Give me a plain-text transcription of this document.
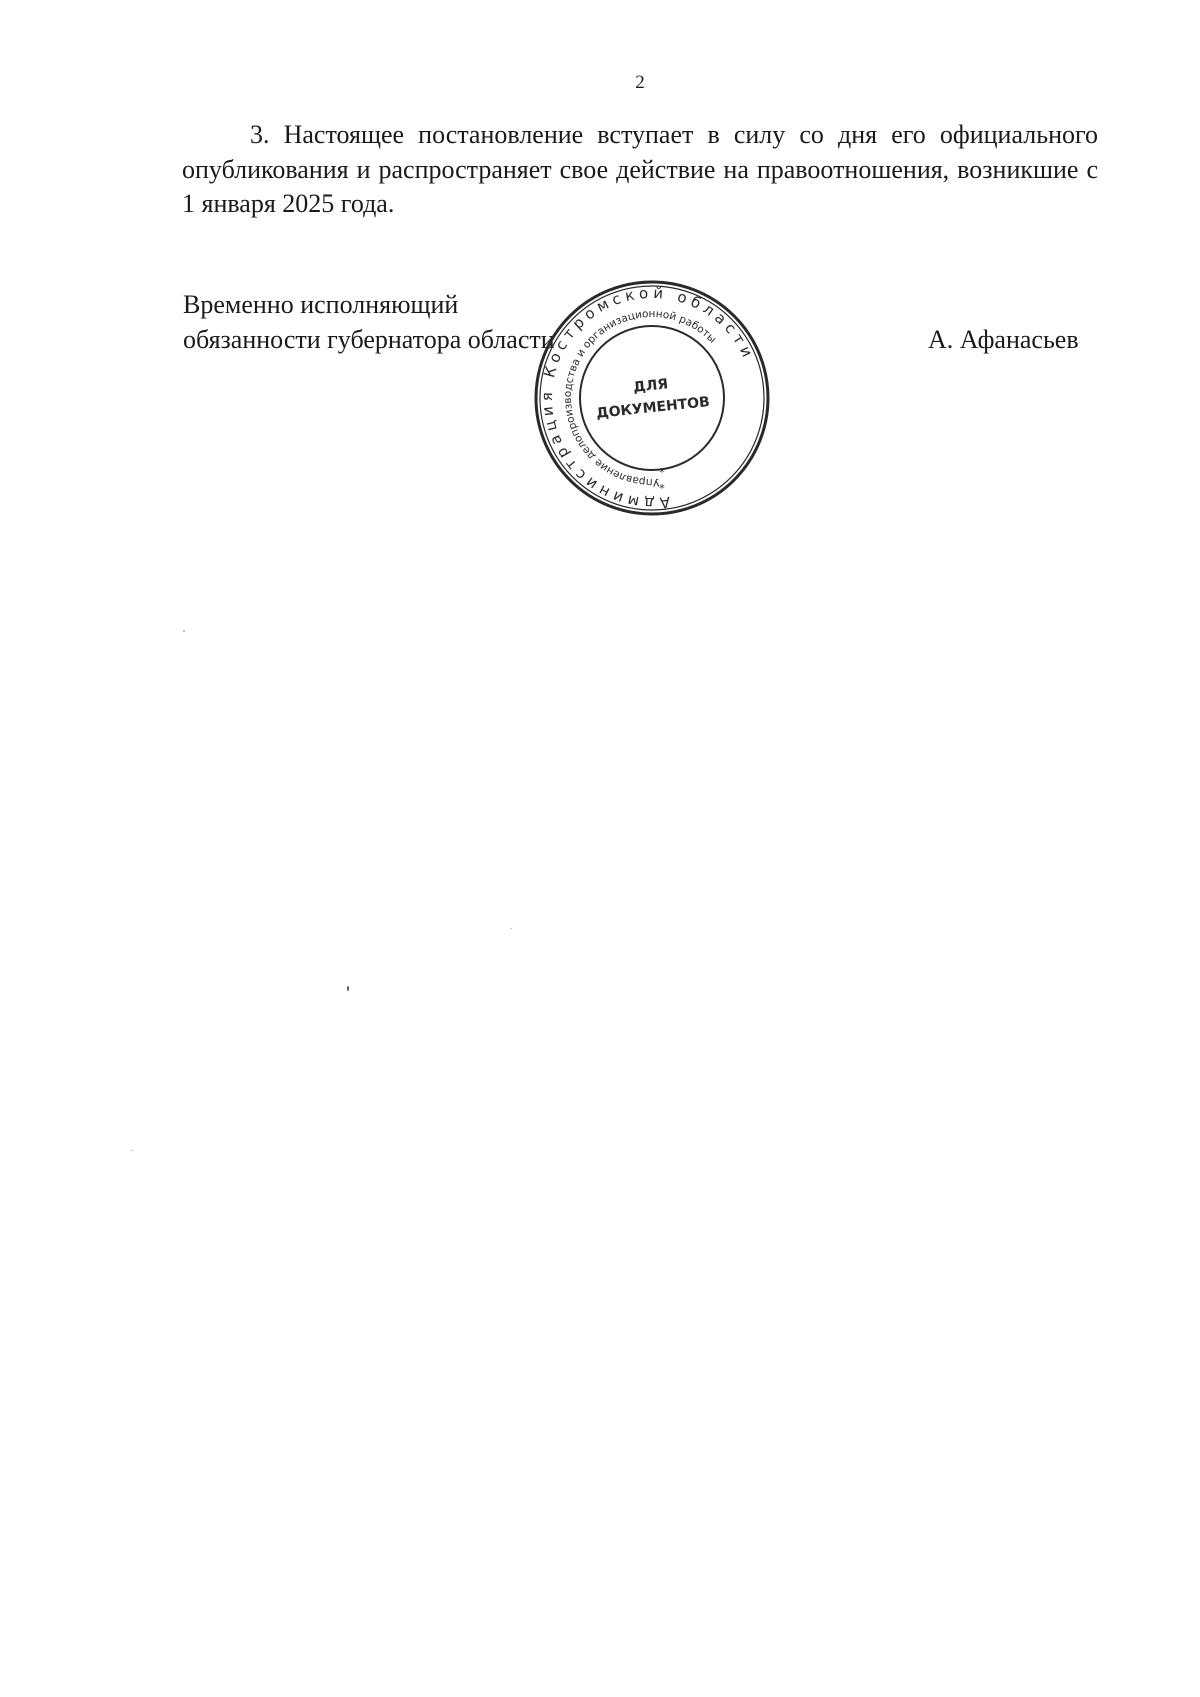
2
3. Настоящее постановление вступает в силу со дня его официального опубликования и распространяет свое действие на правоотношения, возникшие с 1 января 2025 года.
Временно исполняющий
обязанности губернатора области	А. Афанасьев
Администрация Костромской области
Управление делопроизводства и организационной работы
ДЛЯ
ДОКУМЕНТОВ
*
*
